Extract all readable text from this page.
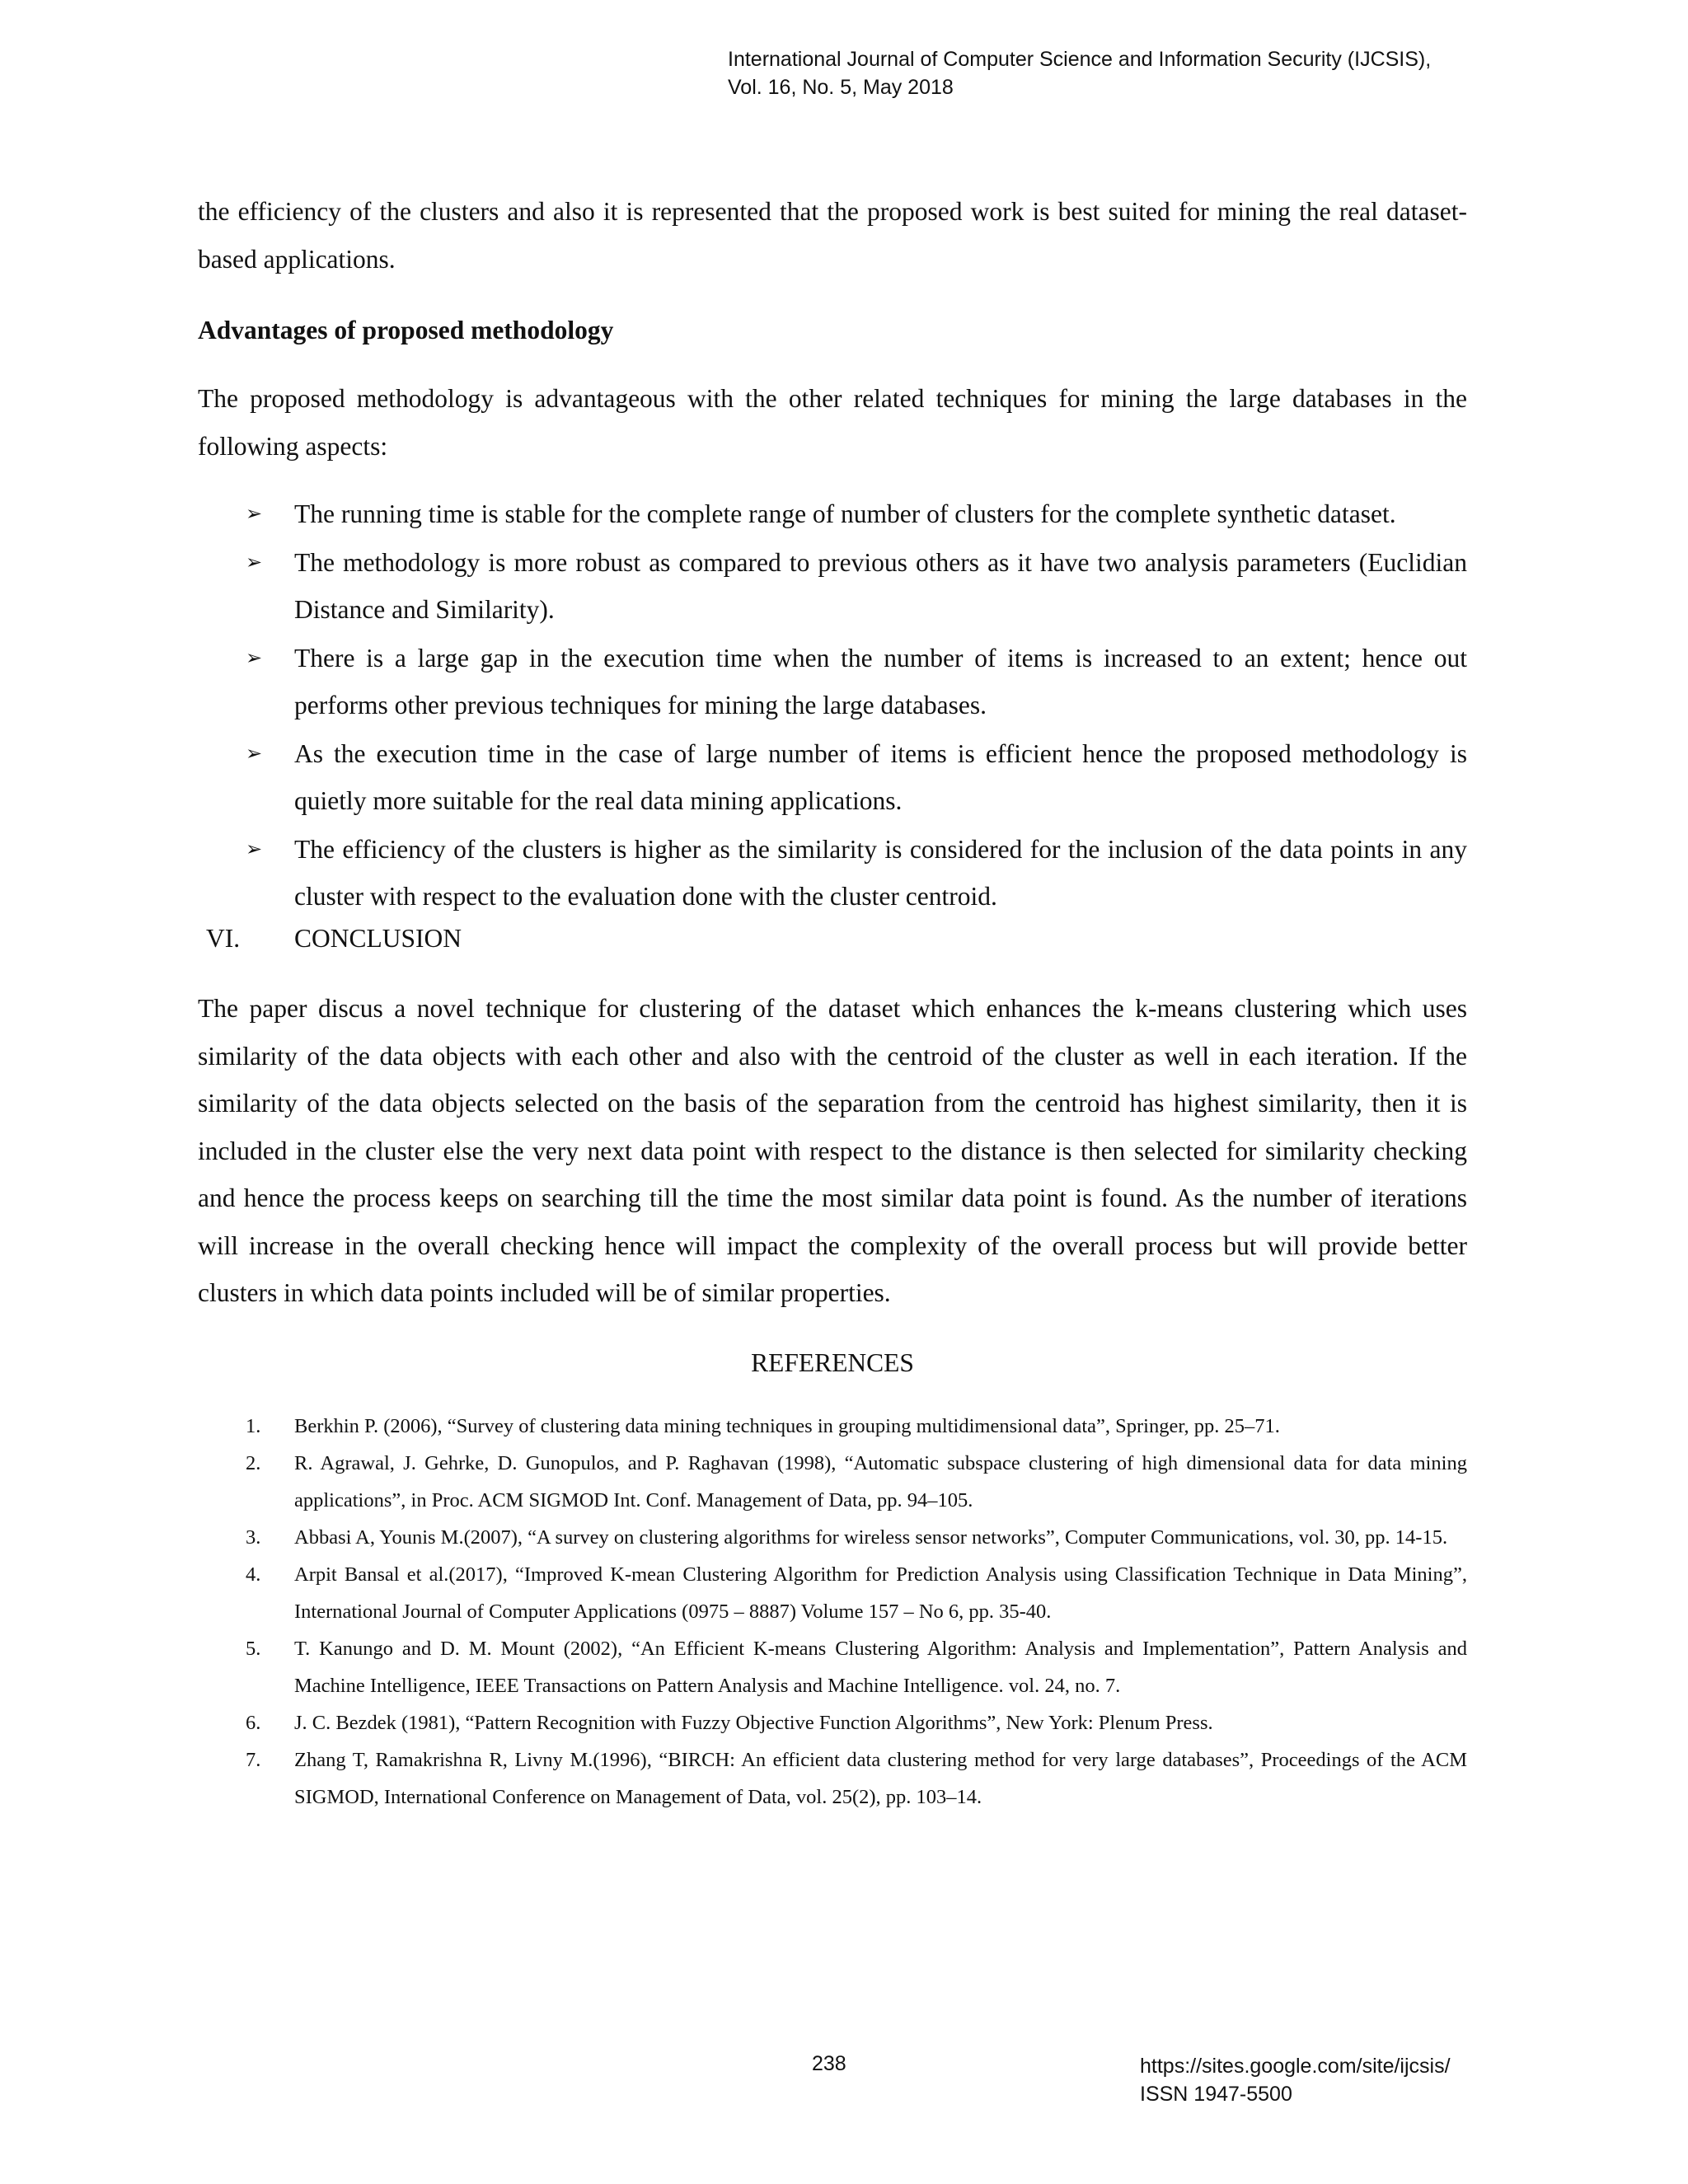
International Journal of Computer Science and Information Security (IJCSIS),
Vol. 16, No. 5, May 2018

the efficiency of the clusters and also it is represented that the proposed work is best suited for mining the real dataset-based applications.

Advantages of proposed methodology

The proposed methodology is advantageous with the other related techniques for mining the large databases in the following aspects:

➢ The running time is stable for the complete range of number of clusters for the complete synthetic dataset.
➢ The methodology is more robust as compared to previous others as it have two analysis parameters (Euclidian Distance and Similarity).
➢ There is a large gap in the execution time when the number of items is increased to an extent; hence out performs other previous techniques for mining the large databases.
➢ As the execution time in the case of large number of items is efficient hence the proposed methodology is quietly more suitable for the real data mining applications.
➢ The efficiency of the clusters is higher as the similarity is considered for the inclusion of the data points in any cluster with respect to the evaluation done with the cluster centroid.
VI. CONCLUSION

The paper discus a novel technique for clustering of the dataset which enhances the k-means clustering which uses similarity of the data objects with each other and also with the centroid of the cluster as well in each iteration. If the similarity of the data objects selected on the basis of the separation from the centroid has highest similarity, then it is included in the cluster else the very next data point with respect to the distance is then selected for similarity checking and hence the process keeps on searching till the time the most similar data point is found. As the number of iterations will increase in the overall checking hence will impact the complexity of the overall process but will provide better clusters in which data points included will be of similar properties.

REFERENCES
1. Berkhin P. (2006), “Survey of clustering data mining techniques in grouping multidimensional data”, Springer, pp. 25–71.
2. R. Agrawal, J. Gehrke, D. Gunopulos, and P. Raghavan (1998), “Automatic subspace clustering of high dimensional data for data mining applications”, in Proc. ACM SIGMOD Int. Conf. Management of Data, pp. 94–105.
3. Abbasi A, Younis M.(2007), “A survey on clustering algorithms for wireless sensor networks”, Computer Communications, vol. 30, pp. 14-15.
4. Arpit Bansal et al.(2017), “Improved K-mean Clustering Algorithm for Prediction Analysis using Classification Technique in Data Mining”, International Journal of Computer Applications (0975 – 8887) Volume 157 – No 6, pp. 35-40.
5. T. Kanungo and D. M. Mount (2002), “An Efficient K-means Clustering Algorithm: Analysis and Implementation”, Pattern Analysis and Machine Intelligence, IEEE Transactions on Pattern Analysis and Machine Intelligence. vol. 24, no. 7.
6. J. C. Bezdek (1981), “Pattern Recognition with Fuzzy Objective Function Algorithms”, New York: Plenum Press.
7. Zhang T, Ramakrishna R, Livny M.(1996), “BIRCH: An efficient data clustering method for very large databases”, Proceedings of the ACM SIGMOD, International Conference on Management of Data, vol. 25(2), pp. 103–14.
238	https://sites.google.com/site/ijcsis/
ISSN 1947-5500
